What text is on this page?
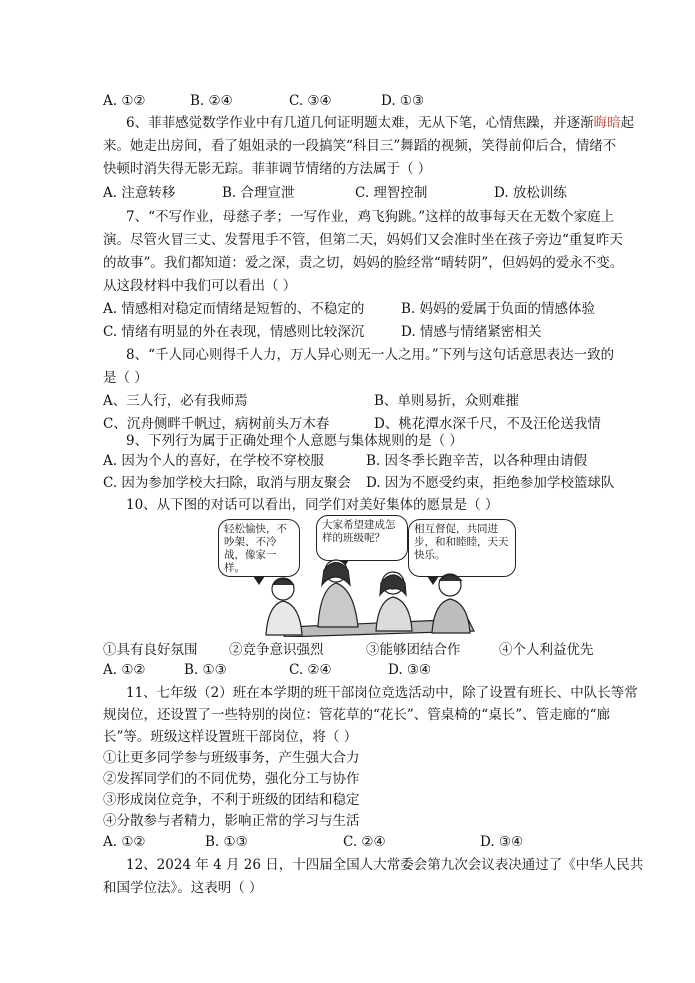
A. ①②	B. ②④	C. ③④	D. ①③
6、菲菲感觉数学作业中有几道几何证明题太难，无从下笔，心情焦躁，并逐渐晦暗起
来。她走出房间，看了姐姐录的一段搞笑“科目三”舞蹈的视频，笑得前仰后合，情绪不
快顿时消失得无影无踪。菲菲调节情绪的方法属于（ ）
A. 注意转移	B. 合理宣泄	C. 理智控制	D. 放松训练
7、“不写作业，母慈子孝；一写作业，鸡飞狗跳。”这样的故事每天在无数个家庭上
演。尽管火冒三丈、发誓甩手不管，但第二天，妈妈们又会准时坐在孩子旁边“重复昨天
的故事”。我们都知道：爱之深，责之切，妈妈的脸经常“晴转阴”，但妈妈的爱永不变。
从这段材料中我们可以看出（ ）
A. 情感相对稳定而情绪是短暂的、不稳定的	B. 妈妈的爱属于负面的情感体验
C. 情绪有明显的外在表现，情感则比较深沉	D. 情感与情绪紧密相关
8、“千人同心则得千人力，万人异心则无一人之用。”下列与这句话意思表达一致的
是（ ）
A、三人行，必有我师焉	B、单则易折，众则难摧
C、沉舟侧畔千帆过，病树前头万木春	D、桃花潭水深千尺，不及汪伦送我情
9、下列行为属于正确处理个人意愿与集体规则的是（ ）
A. 因为个人的喜好，在学校不穿校服	B. 因冬季长跑辛苦，以各种理由请假
C. 因为参加学校大扫除，取消与朋友聚会 D. 因为不愿受约束，拒绝参加学校篮球队
10、从下图的对话可以看出，同学们对美好集体的愿景是（ ）
轻松愉快，不吵架、不冷战，像家一样。
大家希望建成怎样的班级呢？
相互督促，共同进步，和和睦睦，天天快乐。
①具有良好氛围 ②竞争意识强烈	③能够团结合作	④个人利益优先
A. ①②	B. ①③	C. ②④	D. ③④
11、七年级（2）班在本学期的班干部岗位竞选活动中，除了设置有班长、中队长等常
规岗位，还设置了一些特别的岗位：管花草的“花长”、管桌椅的“桌长”、管走廊的“廊
长”等。班级这样设置班干部岗位，将（ ）
①让更多同学参与班级事务，产生强大合力
②发挥同学们的不同优势，强化分工与协作
③形成岗位竞争，不利于班级的团结和稳定
④分散参与者精力，影响正常的学习与生活
A. ①②	B. ①③	C. ②④	D. ③④
12、2024 年 4 月 26 日，十四届全国人大常委会第九次会议表决通过了《中华人民共
和国学位法》。这表明（ ）
